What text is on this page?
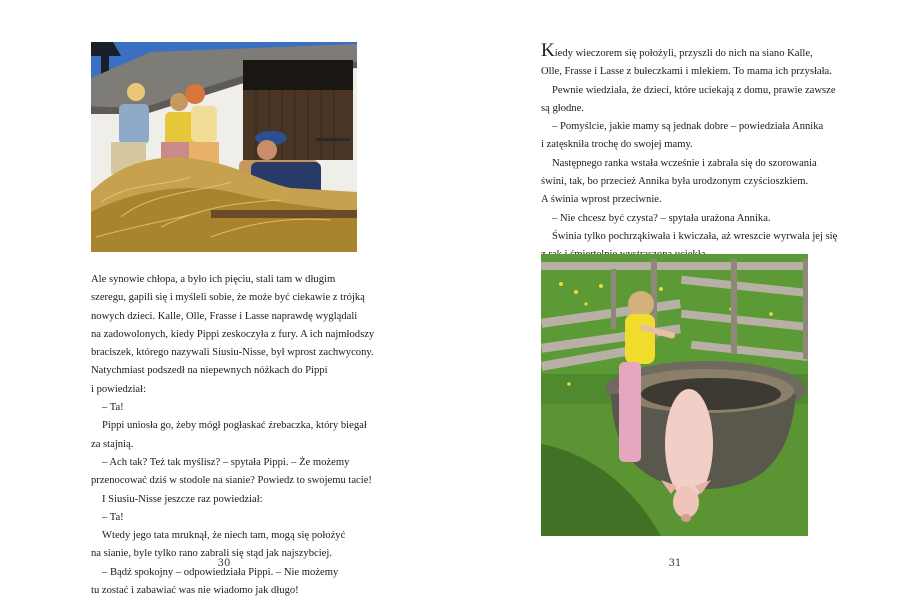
Ale synowie chłopa, a było ich pięciu, stali tam w długim
szeregu, gapili się i myśleli sobie, że może być ciekawie z trójką
nowych dzieci. Kalle, Olle, Frasse i Lasse naprawdę wyglądali
na zadowolonych, kiedy Pippi zeskoczyła z fury. A ich najmłodszy
braciszek, którego nazywali Siusiu-Nisse, był wprost zachwycony.
Natychmiast podszedł na niepewnych nóżkach do Pippi
i powiedział:
– Ta!
Pippi uniosła go, żeby mógł pogłaskać źrebaczka, który biegał
za stajnią.
– Ach tak? Też tak myślisz? – spytała Pippi. – Że możemy
przenocować dziś w stodole na sianie? Powiedz to swojemu tacie!
I Siusiu-Nisse jeszcze raz powiedział:
– Ta!
Wtedy jego tata mruknął, że niech tam, mogą się położyć
na sianie, byle tylko rano zabrali się stąd jak najszybciej.
– Bądź spokojny – odpowiedziała Pippi. – Nie możemy
tu zostać i zabawiać was nie wiadomo jak długo!
30
Kiedy wieczorem się położyli, przyszli do nich na siano Kalle,
Olle, Frasse i Lasse z bułeczkami i mlekiem. To mama ich przysłała.
Pewnie wiedziała, że dzieci, które uciekają z domu, prawie zawsze
są głodne.
– Pomyślcie, jakie mamy są jednak dobre – powiedziała Annika
i zatęskniła trochę do swojej mamy.
Następnego ranka wstała wcześnie i zabrała się do szorowania
świni, tak, bo przecież Annika była urodzonym czyścioszkiem.
A świnia wprost przeciwnie.
– Nie chcesz być czysta? – spytała urażona Annika.
Świnia tylko pochrząkiwała i kwiczała, aż wreszcie wyrwała jej się
31
